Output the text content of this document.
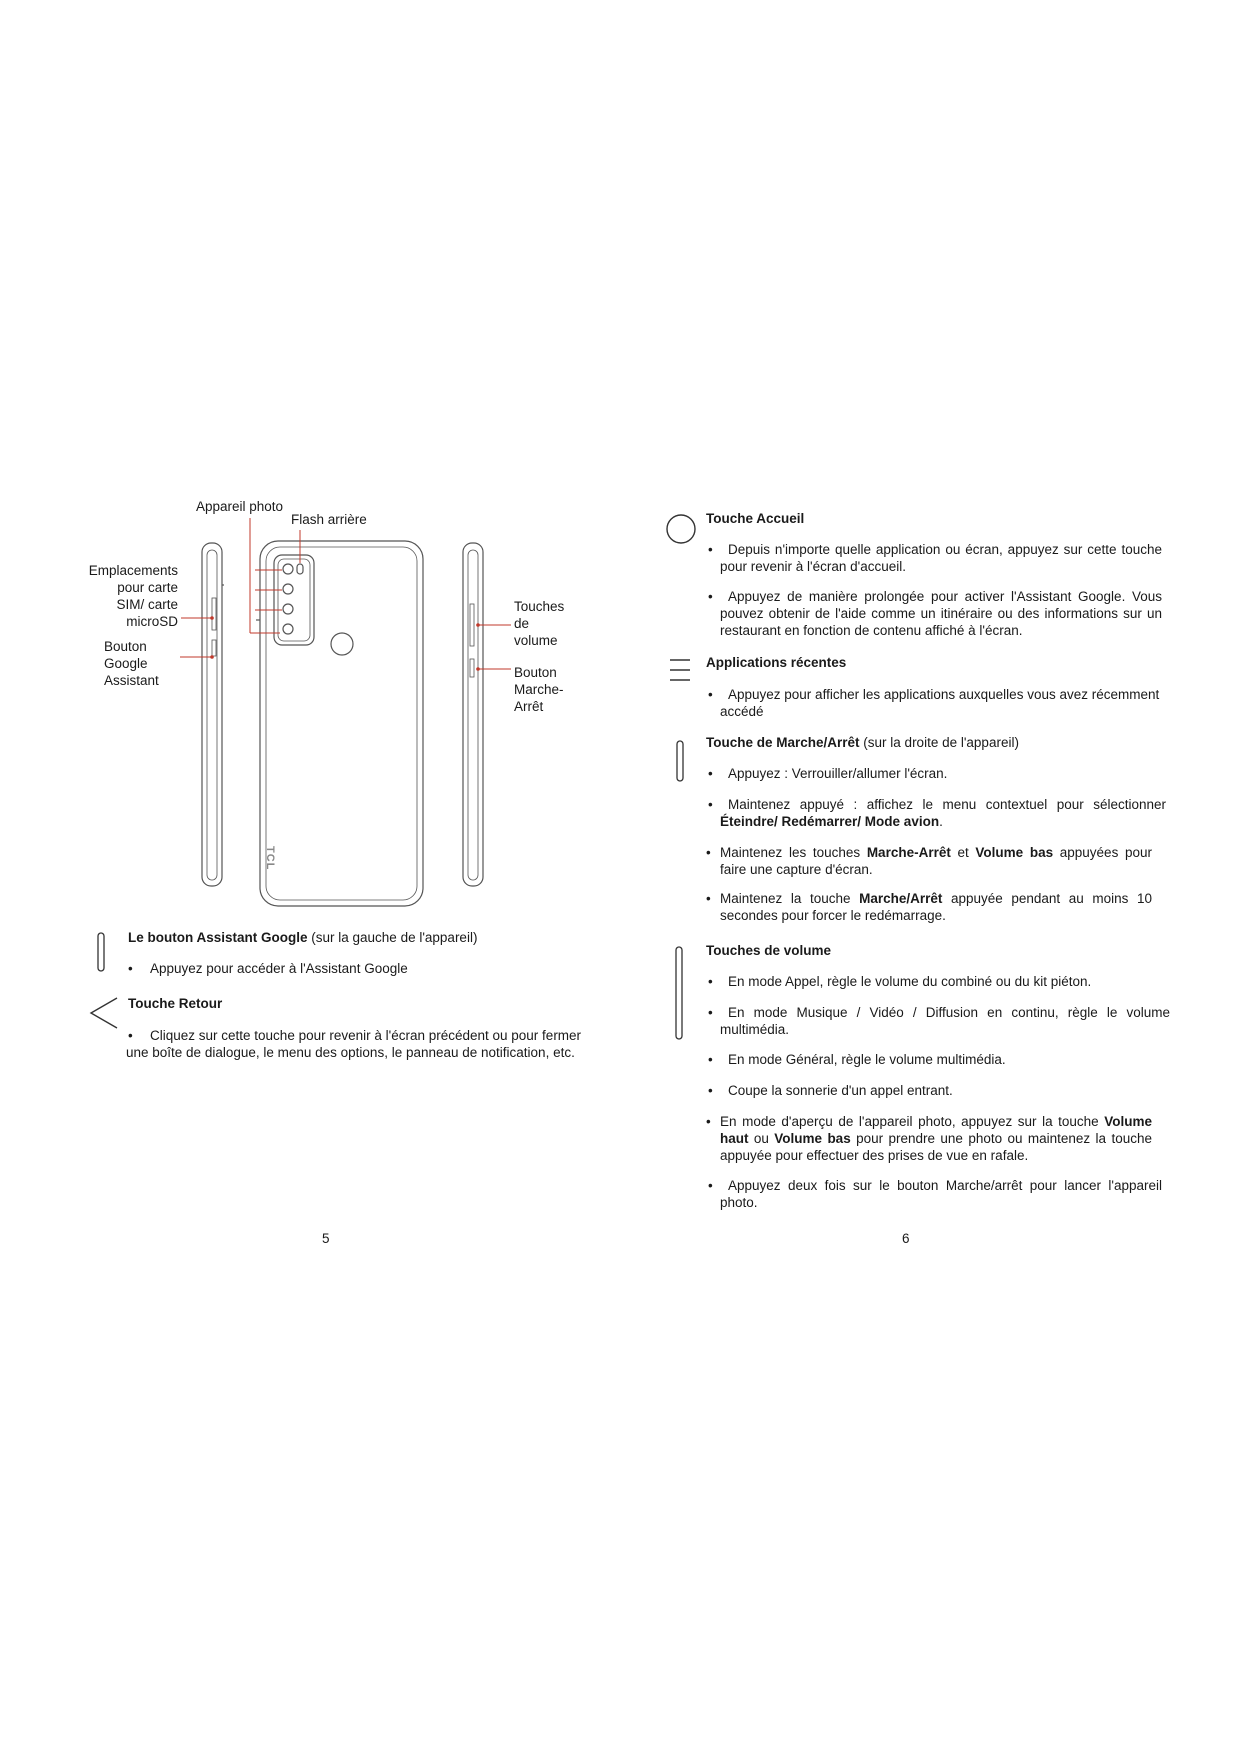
Appareil photo
Flash arrière
Emplacements
pour carte
SIM/ carte
microSD
Bouton
Google
Assistant
Touches
de
volume
Bouton
Marche-
Arrêt
TCL
Le bouton Assistant Google (sur la gauche de l'appareil)
• Appuyez pour accéder à l'Assistant Google
Touche Retour
•	Cliquez sur cette touche pour revenir à l'écran précédent ou pour fermer une boîte de dialogue, le menu des options, le panneau de notification, etc.
5
Touche Accueil
•	Depuis n'importe quelle application ou écran, appuyez sur cette touche pour revenir à l'écran d'accueil.
•	Appuyez de manière prolongée pour activer l'Assistant Google. Vous pouvez obtenir de l'aide comme un itinéraire ou des informations sur un restaurant en fonction de contenu affiché à l'écran.
Applications récentes
•	Appuyez pour afficher les applications auxquelles vous avez récemment accédé
Touche de Marche/Arrêt (sur la droite de l'appareil)
• Appuyez : Verrouiller/allumer l'écran.
•	Maintenez appuyé : affichez le menu contextuel pour sélectionner Éteindre/ Redémarrer/ Mode avion.
• Maintenez les touches Marche-Arrêt et Volume bas appuyées pour faire une capture d'écran.
• Maintenez la touche Marche/Arrêt appuyée pendant au moins 10 secondes pour forcer le redémarrage.
Touches de volume
• En mode Appel, règle le volume du combiné ou du kit piéton.
•	En mode Musique / Vidéo / Diffusion en continu, règle le volume multimédia.
• En mode Général, règle le volume multimédia.
• Coupe la sonnerie d'un appel entrant.
• En mode d'aperçu de l'appareil photo, appuyez sur la touche Volume haut ou Volume bas pour prendre une photo ou maintenez la touche appuyée pour effectuer des prises de vue en rafale.
•	Appuyez deux fois sur le bouton Marche/arrêt pour lancer l'appareil photo.
6
